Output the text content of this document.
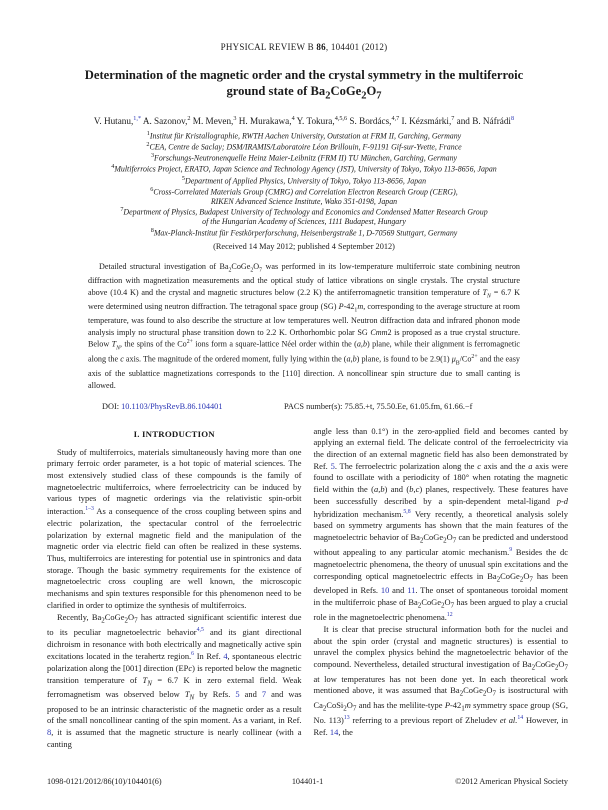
PHYSICAL REVIEW B 86, 104401 (2012)
Determination of the magnetic order and the crystal symmetry in the multiferroic
ground state of $Ba_2CoGe_2O_7$
V. Hutanu,$^{1,*}$ A. Sazonov,$^2$ M. Meven,$^3$ H. Murakawa,$^4$ Y. Tokura,$^{4,5,6}$ S. Bordács,$^{4,7}$ I. Kézsmárki,$^7$ and B. Náfrádi$^8$
$^1$Institut für Kristallographie, RWTH Aachen University, Outstation at FRM II, Garching, Germany
$^2$CEA, Centre de Saclay; DSM/IRAMIS/Laboratoire Léon Brillouin, F-91191 Gif-sur-Yvette, France
$^3$Forschungs-Neutronenquelle Heinz Maier-Leibnitz (FRM II) TU München, Garching, Germany
$^4$Multiferroics Project, ERATO, Japan Science and Technology Agency (JST), University of Tokyo, Tokyo 113-8656, Japan
$^5$Department of Applied Physics, University of Tokyo, Tokyo 113-8656, Japan
$^6$Cross-Correlated Materials Group (CMRG) and Correlation Electron Research Group (CERG),
RIKEN Advanced Science Institute, Wako 351-0198, Japan
$^7$Department of Physics, Budapest University of Technology and Economics and Condensed Matter Research Group
of the Hungarian Academy of Sciences, 1111 Budapest, Hungary
$^8$Max-Planck-Institut für Festkörperforschung, Heisenbergstraße 1, D-70569 Stuttgart, Germany
(Received 14 May 2012; published 4 September 2012)

Detailed structural investigation of $Ba_2CoGe_2O_7$ was performed in its low-temperature multiferroic state combining neutron diffraction with magnetization measurements and the optical study of lattice vibrations on single crystals. The crystal structure above (10.4 K) and the crystal and magnetic structures below (2.2 K) the antiferromagnetic transition temperature of $T_N = 6.7$ K were determined using neutron diffraction. The tetragonal space group (SG) $P-42_1m$, corresponding to the average structure at room temperature, was found to also describe the structure at low temperatures well. Neutron diffraction data and infrared phonon mode analysis imply no structural phase transition down to 2.2 K. Orthorhombic polar SG Cmm2 is proposed as a true crystal structure. Below $T_N$, the spins of the $Co^{2+}$ ions form a square-lattice Néel order within the (a,b) plane, while their alignment is ferromagnetic along the c axis. The magnitude of the ordered moment, fully lying within the (a,b) plane, is found to be 2.9(1) $\mu_B/Co^{2+}$ and the easy axis of the sublattice magnetizations corresponds to the [110] direction. A noncollinear spin structure due to small canting is allowed.

DOI: 10.1103/PhysRevB.86.104401	PACS number(s): 75.85.+t, 75.50.Ee, 61.05.fm, 61.66.−f
I. INTRODUCTION

Study of multiferroics, materials simultaneously having more than one primary ferroic order parameter, is a hot topic of material sciences. The most extensively studied class of these compounds is the family of magnetoelectric multiferroics, where ferroelectricity can be induced by various types of magnetic orderings via the relativistic spin-orbit interaction.$^{1-3}$ As a consequence of the cross coupling between spins and electric polarization, the spectacular control of the ferroelectric polarization by external magnetic field and the manipulation of the magnetic order via electric field can often be realized in these systems. Thus, multiferroics are interesting for potential use in spintronics and data storage. Though the basic symmetry requirements for the existence of magnetoelectric cross coupling are well known, the microscopic mechanisms and spin textures responsible for this phenomenon need to be clarified in order to optimize the synthesis of multiferroics.

Recently, $Ba_2CoGe_2O_7$ has attracted significant scientific interest due to its peculiar magnetoelectric behavior$^{4,5}$ and its giant directional dichroism in resonance with both electrically and magnetically active spin excitations located in the terahertz region.$^6$ In Ref. 4, spontaneous electric polarization along the [001] direction (EPc) is reported below the magnetic transition temperature of $T_N = 6.7$ K in zero external field. Weak ferromagnetism was observed below $T_N$ by Refs. 5 and 7 and was proposed to be an intrinsic characteristic of the magnetic order as a result of the small noncollinear canting of the spin moment. As a variant, in Ref. 8, it is assumed that the magnetic structure is nearly collinear (with a canting

angle less than 0.1°) in the zero-applied field and becomes canted by applying an external field. The delicate control of the ferroelectricity via the direction of an external magnetic field has also been demonstrated by Ref. 5. The ferroelectric polarization along the c axis and the a axis were found to oscillate with a periodicity of 180° when rotating the magnetic field within the (a,b) and (b,c) planes, respectively. These features have been successfully described by a spin-dependent metal-ligand p-d hybridization mechanism.$^{5,8}$ Very recently, a theoretical analysis solely based on symmetry arguments has shown that the main features of the magnetoelectric behavior of $Ba_2CoGe_2O_7$ can be predicted and understood without appealing to any particular atomic mechanism.$^9$ Besides the dc magnetoelectric phenomena, the theory of unusual spin excitations and the corresponding optical magnetoelectric effects in $Ba_2CoGe_2O_7$ has been developed in Refs. 10 and 11. The onset of spontaneous toroidal moment in the multiferroic phase of $Ba_2CoGe_2O_7$ has been argued to play a crucial role in the magnetoelectric phenomena.$^{12}$

It is clear that precise structural information both for the nuclei and about the spin order (crystal and magnetic structures) is essential to unravel the complex physics behind the magnetoelectric behavior of the compound. Nevertheless, detailed structural investigation of $Ba_2CoGe_2O_7$ at low temperatures has not been done yet. In each theoretical work mentioned above, it was assumed that $Ba_2CoGe_2O_7$ is isostructural with $Ca_2CoSi_2O_7$ and has the melilite-type $P-42_1m$ symmetry space group (SG, No. 113)$^{13}$ referring to a previous report of Zheludev et al.$^{14}$ However, in Ref. 14, the

1098-0121/2012/86(10)/104401(6)	104401-1	©2012 American Physical Society
